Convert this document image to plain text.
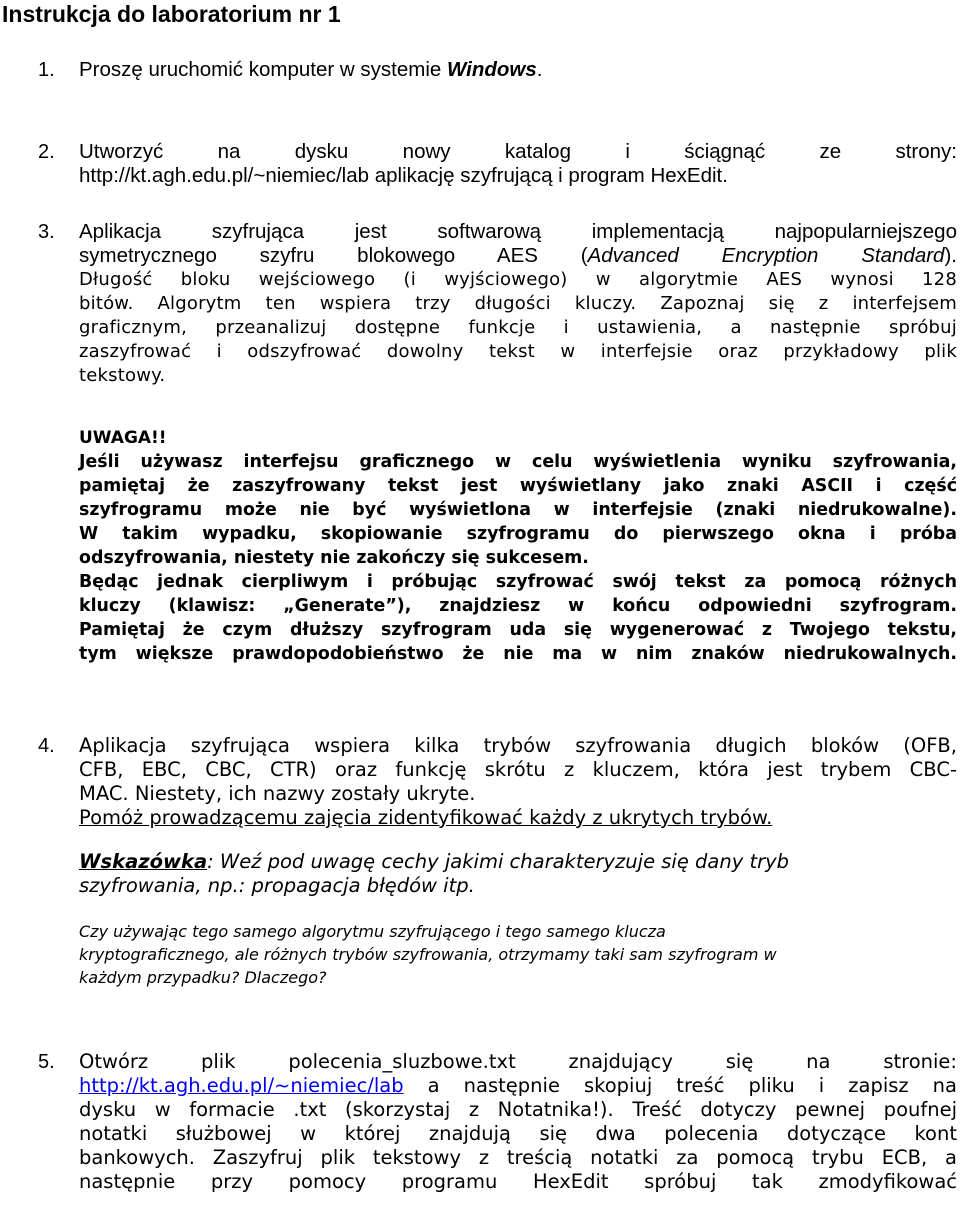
Instrukcja do laboratorium nr 1
1. Proszę uruchomić komputer w systemie Windows.

2. Utworzyć na dysku nowy katalog i ściągnąć ze strony:

http://kt.agh.edu.pl/~niemiec/lab aplikację szyfrującą i program HexEdit.

3. Aplikacja szyfrująca jest softwarową implementacją najpopularniejszego

symetrycznego szyfru blokowego AES (Advanced Encryption Standard).

Długość bloku wejściowego (i wyjściowego) w algorytmie AES wynosi 128

bitów. Algorytm ten wspiera trzy długości kluczy. Zapoznaj się z interfejsem

graficznym, przeanalizuj dostępne funkcje i ustawienia, a następnie spróbuj

zaszyfrować i odszyfrować dowolny tekst w interfejsie oraz przykładowy plik

tekstowy.

UWAGA!!

Jeśli używasz interfejsu graficznego w celu wyświetlenia wyniku szyfrowania,

pamiętaj że zaszyfrowany tekst jest wyświetlany jako znaki ASCII i część

szyfrogramu może nie być wyświetlona w interfejsie (znaki niedrukowalne).

W takim wypadku, skopiowanie szyfrogramu do pierwszego okna i próba

odszyfrowania, niestety nie zakończy się sukcesem.

Będąc jednak cierpliwym i próbując szyfrować swój tekst za pomocą różnych

kluczy (klawisz: „Generate”), znajdziesz w końcu odpowiedni szyfrogram.

Pamiętaj że czym dłuższy szyfrogram uda się wygenerować z Twojego tekstu,

tym większe prawdopodobieństwo że nie ma w nim znaków niedrukowalnych.

4. Aplikacja szyfrująca wspiera kilka trybów szyfrowania długich bloków (OFB,

CFB, EBC, CBC, CTR) oraz funkcję skrótu z kluczem, która jest trybem CBC-

MAC. Niestety, ich nazwy zostały ukryte.

Pomóż prowadzącemu zajęcia zidentyfikować każdy z ukrytych trybów.

Wskazówka: Weź pod uwagę cechy jakimi charakteryzuje się dany tryb

szyfrowania, np.: propagacja błędów itp.

Czy używając tego samego algorytmu szyfrującego i tego samego klucza

kryptograficznego, ale różnych trybów szyfrowania, otrzymamy taki sam szyfrogram w

każdym przypadku? Dlaczego?

5. Otwórz plik polecenia_sluzbowe.txt znajdujący się na stronie:

http://kt.agh.edu.pl/~niemiec/lab a następnie skopiuj treść pliku i zapisz na

dysku w formacie .txt (skorzystaj z Notatnika!). Treść dotyczy pewnej poufnej

notatki służbowej w której znajdują się dwa polecenia dotyczące kont

bankowych. Zaszyfruj plik tekstowy z treścią notatki za pomocą trybu ECB, a

następnie przy pomocy programu HexEdit spróbuj tak zmodyfikować
